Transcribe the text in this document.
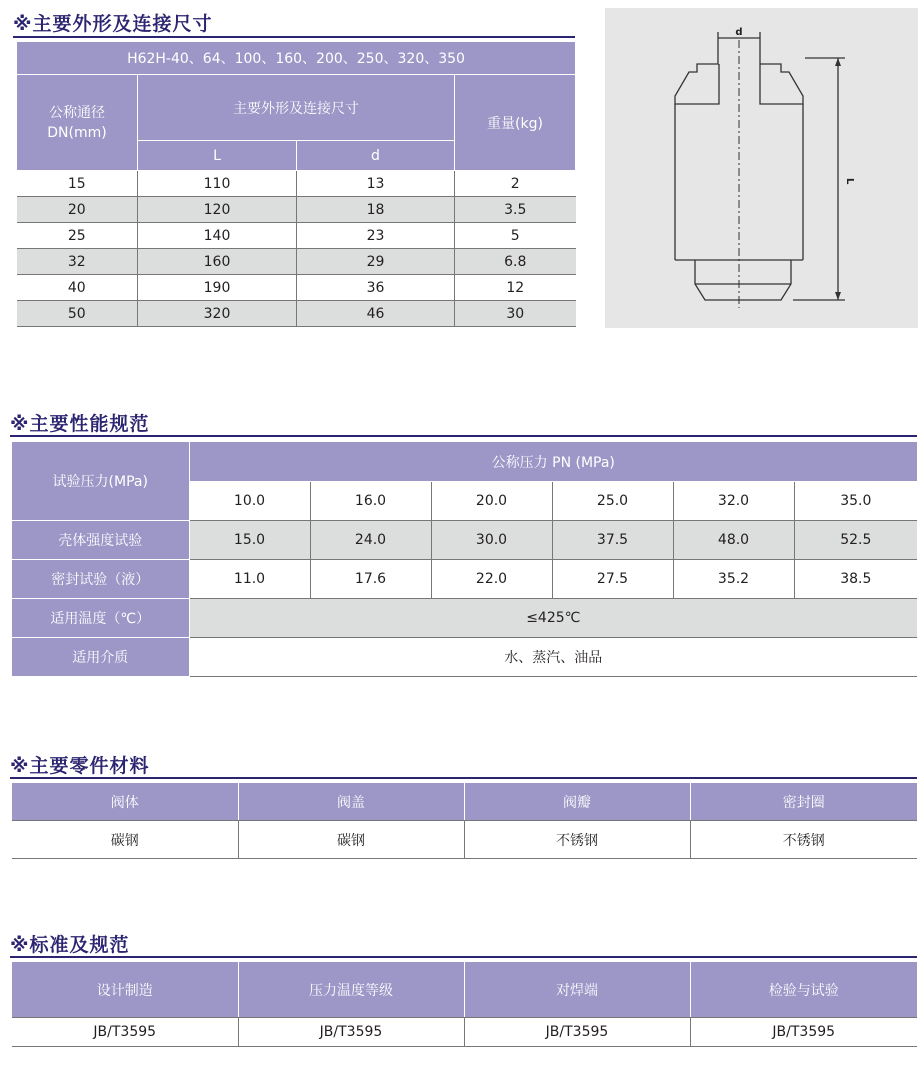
※主要外形及连接尺寸
H62H-40、64、100、160、200、250、320、350			
公称通径
DN(mm)	主要外形及连接尺寸		重量(kg)
	L	d	
15	110	13	2
20	120	18	3.5
25	140	23	5
32	160	29	6.8
40	190	36	12
50	320	46	30
d
L
※主要性能规范
试验压力(MPa)	公称压力 PN (MPa)					
	10.0	16.0	20.0	25.0	32.0	35.0
壳体强度试验	15.0	24.0	30.0	37.5	48.0	52.5
密封试验（液）	11.0	17.6	22.0	27.5	35.2	38.5
适用温度（℃）	≤425℃					
适用介质	水、蒸汽、油品					
※主要零件材料
阀体	阀盖	阀瓣	密封圈
碳钢	碳钢	不锈钢	不锈钢
※标准及规范
设计制造	压力温度等级	对焊端	检验与试验
JB/T3595	JB/T3595	JB/T3595	JB/T3595
